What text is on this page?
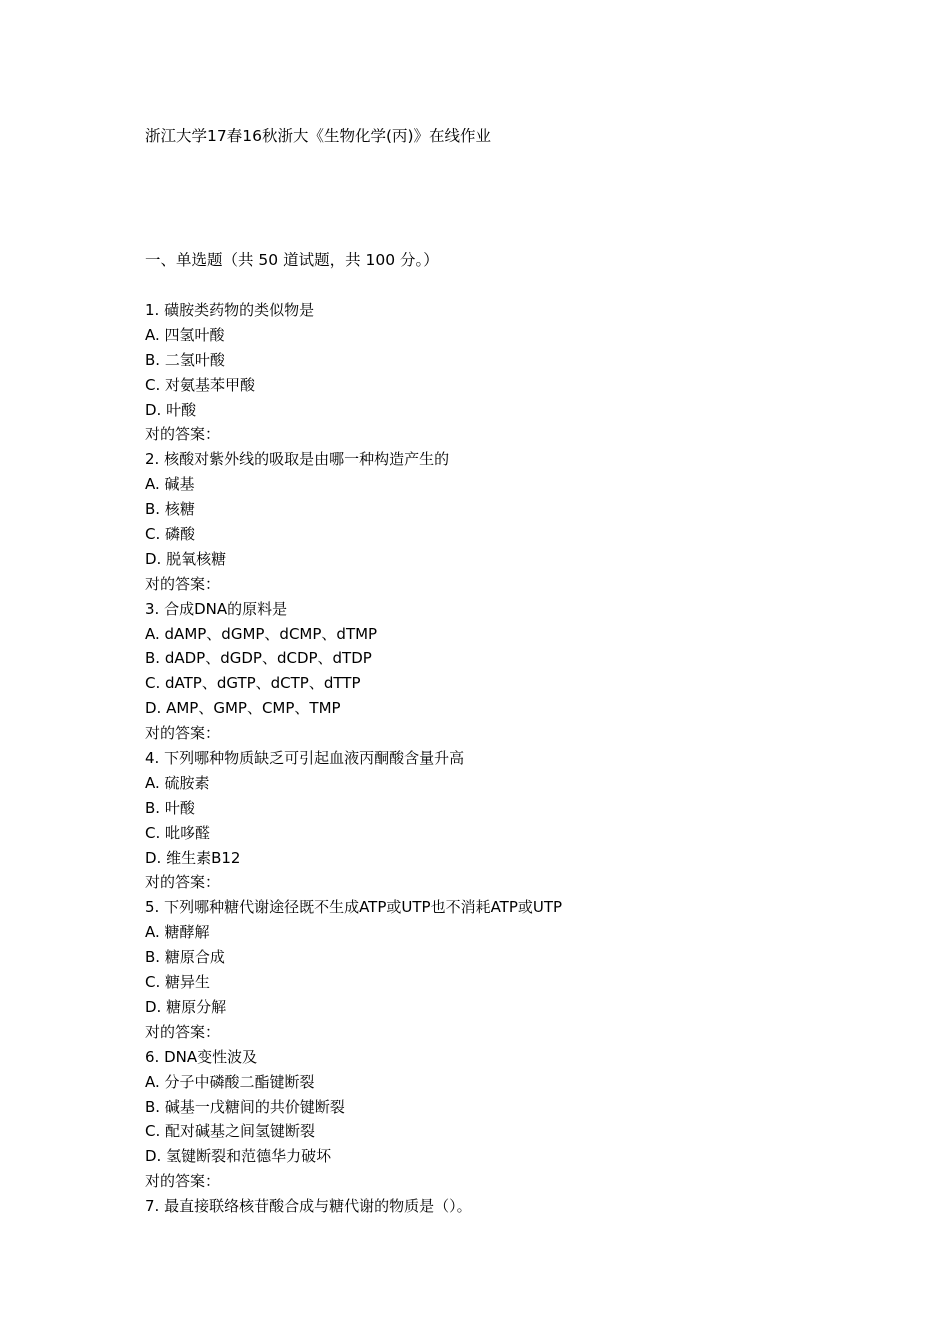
浙江大学17春16秋浙大《生物化学(丙)》在线作业
一、单选题（共 50 道试题，共 100 分。）
1. 磺胺类药物的类似物是
A. 四氢叶酸
B. 二氢叶酸
C. 对氨基苯甲酸
D. 叶酸
对的答案：
2. 核酸对紫外线的吸取是由哪一种构造产生的
A. 碱基
B. 核糖
C. 磷酸
D. 脱氧核糖
对的答案：
3. 合成DNA的原料是
A. dAMP、dGMP、dCMP、dTMP
B. dADP、dGDP、dCDP、dTDP
C. dATP、dGTP、dCTP、dTTP
D. AMP、GMP、CMP、TMP
对的答案：
4. 下列哪种物质缺乏可引起血液丙酮酸含量升高
A. 硫胺素
B. 叶酸
C. 吡哆醛
D. 维生素B12
对的答案：
5. 下列哪种糖代谢途径既不生成ATP或UTP也不消耗ATP或UTP
A. 糖酵解
B. 糖原合成
C. 糖异生
D. 糖原分解
对的答案：
6. DNA变性波及
A. 分子中磷酸二酯键断裂
B. 碱基一戊糖间的共价键断裂
C. 配对碱基之间氢键断裂
D. 氢键断裂和范德华力破坏
对的答案：
7. 最直接联络核苷酸合成与糖代谢的物质是（）。
